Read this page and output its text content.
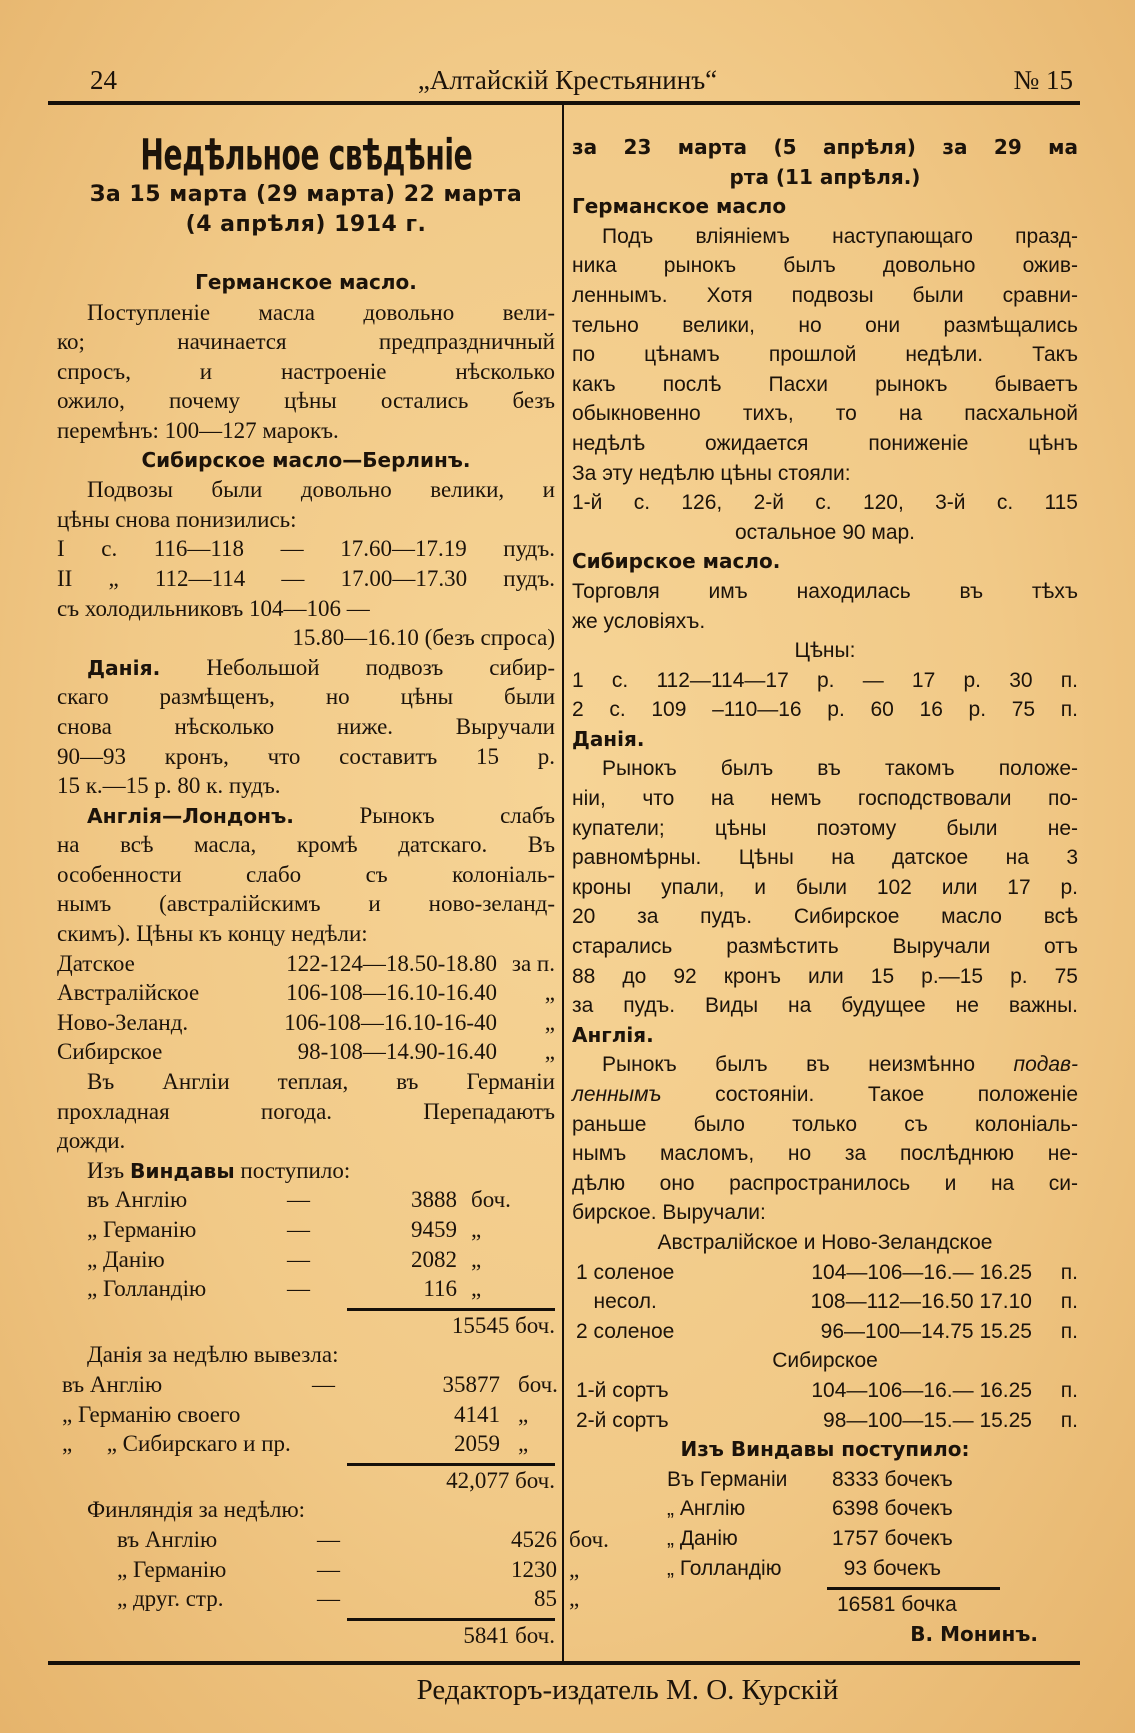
24	„Алтайскій Крестьянинъ“	№ 15
Недѣльное свѣдѣніе
За 15 марта (29 марта) 22 марта
(4 апрѣля) 1914 г.
Германское масло.
Поступленіе масла довольно вели-
ко; начинается предпраздничный
спросъ, и настроеніе нѣсколько
ожило, почему цѣны остались безъ
перемѣнъ: 100—127 марокъ.
Сибирское масло—Берлинъ.
Подвозы были довольно велики, и
цѣны снова понизились:
I с. 116—118 — 17.60—17.19 пудъ.
II „ 112—114 — 17.00—17.30 пудъ.
съ холодильниковъ 104—106 —
15.80—16.10 (безъ спроса)
Данія. Небольшой подвозъ сибир-
скаго размѣщенъ, но цѣны были
снова нѣсколько ниже. Выручали
90—93 кронъ, что составитъ 15 р.
15 к.—15 р. 80 к. пудъ.
Англія—Лондонъ. Рынокъ слабъ
на всѣ масла, кромѣ датскаго. Въ
особенности слабо съ колоніаль-
нымъ (австралійскимъ и ново-зеланд-
скимъ). Цѣны къ концу недѣли:
Датское	122-124—18.50-18.80 за п.
Австралійское	106-108—16.10-16.40	„
Ново-Зеланд.	106-108—16.10-16-40	„
Сибирское	98-108—14.90-16.40	„
Въ Англіи теплая, въ Германіи
прохладная погода. Перепадаютъ
дожди.
Изъ Виндавы поступило:
въ Англію	—	3888 боч.
„ Германію	—	9459 „
„ Данію	—	2082 „
„ Голландію	—	116 „
15545 боч.
Данія за недѣлю вывезла:
въ Англію	—	35877 боч.
„ Германію своего	4141 „
„      „ Сибирскаго и пр.	2059 „
42,077 боч.
Финляндія за недѣлю:
въ Англію	—	4526 боч.
„ Германію	—	1230 „
„ друг. стр.	—	85 „
5841 боч.
за 23 марта (5 апрѣля) за 29 ма
рта (11 апрѣля.)
Германское масло
Подъ вліяніемъ наступающаго празд-
ника рынокъ былъ довольно ожив-
леннымъ. Хотя подвозы были сравни-
тельно велики, но они размѣщались
по цѣнамъ прошлой недѣли. Такъ
какъ послѣ Пасхи рынокъ бываетъ
обыкновенно тихъ, то на пасхальной
недѣлѣ ожидается пониженіе цѣнъ
За эту недѣлю цѣны стояли:
1-й с. 126, 2-й с. 120, 3-й с. 115
остальное 90 мар.
Сибирское масло.
Торговля имъ находилась въ тѣхъ
же условіяхъ.
Цѣны:
1 с. 112—114—17 р. — 17 р. 30 п.
2 с. 109 –110—16 р. 60 16 р. 75 п.
Данія.
Рынокъ былъ въ такомъ положе-
ніи, что на немъ господствовали по-
купатели; цѣны поэтому были не-
равномѣрны. Цѣны на датское на 3
кроны упали, и были 102 или 17 р.
20 за пудъ. Сибирское масло всѣ
старались размѣстить Выручали отъ
88 до 92 кронъ или 15 р.—15 р. 75
за пудъ. Виды на будущее не важны.
Англія.
Рынокъ былъ въ неизмѣнно подав-
леннымъ состояніи. Такое положеніе
раньше было только съ колоніаль-
нымъ масломъ, но за послѣднюю не-
дѣлю оно распространилось и на си-
бирское. Выручали:
Австралійское и Ново-Зеландское
1 соленое	104—106—16.— 16.25	п.
несол.	108—112—16.50 17.10	п.
2 соленое	96—100—14.75 15.25	п.
Сибирское
1-й сортъ	104—106—16.— 16.25	п.
2-й сортъ	98—100—15.— 15.25	п.
Изъ Виндавы поступило:
Въ Германіи	8333 бочекъ
„ Англію	6398 бочекъ
„ Данію	1757 бочекъ
„ Голландію	93 бочекъ
16581 бочка
В. Монинъ.
Редакторъ-издатель М. О. Курскій
